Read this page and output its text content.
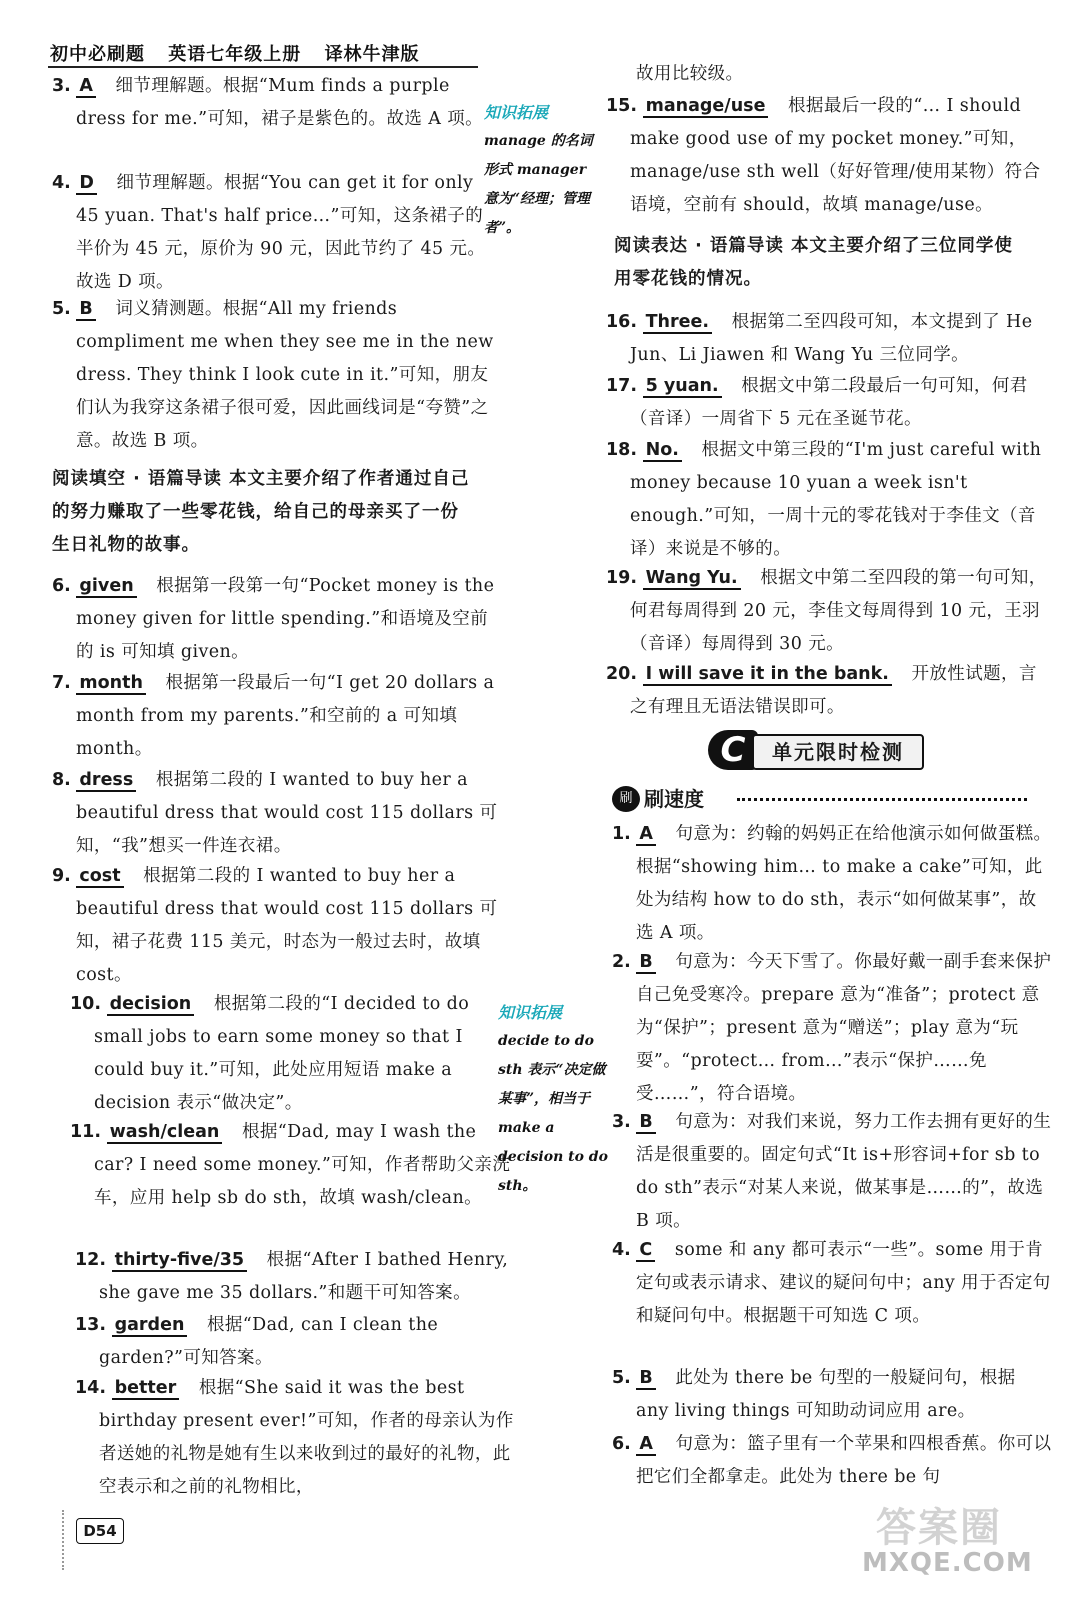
初中必刷题 英语七年级上册 译林牛津版
3. A 细节理解题。根据“Mum finds a purple dress for me.”可知，裙子是紫色的。故选 A 项。
4. D 细节理解题。根据“You can get it for only 45 yuan. That's half price…”可知，这条裙子的半价为 45 元，原价为 90 元，因此节约了 45 元。故选 D 项。
5. B 词义猜测题。根据“All my friends compliment me when they see me in the new dress. They think I look cute in it.”可知，朋友们认为我穿这条裙子很可爱，因此画线词是“夸赞”之意。故选 B 项。
阅读填空 · 语篇导读 本文主要介绍了作者通过自己的努力赚取了一些零花钱，给自己的母亲买了一份生日礼物的故事。
6. given 根据第一段第一句“Pocket money is the money given for little spending.”和语境及空前的 is 可知填 given。
7. month 根据第一段最后一句“I get 20 dollars a month from my parents.”和空前的 a 可知填 month。
8. dress 根据第二段的 I wanted to buy her a beautiful dress that would cost 115 dollars 可知，“我”想买一件连衣裙。
9. cost 根据第二段的 I wanted to buy her a beautiful dress that would cost 115 dollars 可知，裙子花费 115 美元，时态为一般过去时，故填 cost。
10. decision 根据第二段的“I decided to do small jobs to earn some money so that I could buy it.”可知，此处应用短语 make a decision 表示“做决定”。
11. wash/clean 根据“Dad, may I wash the car? I need some money.”可知，作者帮助父亲洗车，应用 help sb do sth，故填 wash/clean。
12. thirty-five/35 根据“After I bathed Henry, she gave me 35 dollars.”和题干可知答案。
13. garden 根据“Dad, can I clean the garden?”可知答案。
14. better 根据“She said it was the best birthday present ever!”可知，作者的母亲认为作者送她的礼物是她有生以来收到过的最好的礼物，此空表示和之前的礼物相比，
知识拓展
manage 的名词形式 manager 意为“经理；管理者”。
知识拓展
decide to do sth 表示“决定做某事”，相当于 make a decision to do sth。
故用比较级。
15. manage/use 根据最后一段的“… I should make good use of my pocket money.”可知，manage/use sth well（好好管理/使用某物）符合语境，空前有 should，故填 manage/use。
阅读表达 · 语篇导读 本文主要介绍了三位同学使用零花钱的情况。
16. Three. 根据第二至四段可知，本文提到了 He Jun、Li Jiawen 和 Wang Yu 三位同学。
17. 5 yuan. 根据文中第二段最后一句可知，何君（音译）一周省下 5 元在圣诞节花。
18. No. 根据文中第三段的“I'm just careful with money because 10 yuan a week isn't enough.”可知，一周十元的零花钱对于李佳文（音译）来说是不够的。
19. Wang Yu. 根据文中第二至四段的第一句可知，何君每周得到 20 元，李佳文每周得到 10 元，王羽（音译）每周得到 30 元。
20. I will save it in the bank. 开放性试题，言之有理且无语法错误即可。
C	单元限时检测
刷 刷速度
1. A 句意为：约翰的妈妈正在给他演示如何做蛋糕。根据“showing him… to make a cake”可知，此处为结构 how to do sth，表示“如何做某事”，故选 A 项。
2. B 句意为：今天下雪了。你最好戴一副手套来保护自己免受寒冷。prepare 意为“准备”；protect 意为“保护”；present 意为“赠送”；play 意为“玩耍”。“protect… from…”表示“保护……免受……”，符合语境。
3. B 句意为：对我们来说，努力工作去拥有更好的生活是很重要的。固定句式“It is+形容词+for sb to do sth”表示“对某人来说，做某事是……的”，故选 B 项。
4. C some 和 any 都可表示“一些”。some 用于肯定句或表示请求、建议的疑问句中；any 用于否定句和疑问句中。根据题干可知选 C 项。
5. B 此处为 there be 句型的一般疑问句，根据 any living things 可知助动词应用 are。
6. A 句意为：篮子里有一个苹果和四根香蕉。你可以把它们全都拿走。此处为 there be 句
D54	答案圈
MXQE.COM
